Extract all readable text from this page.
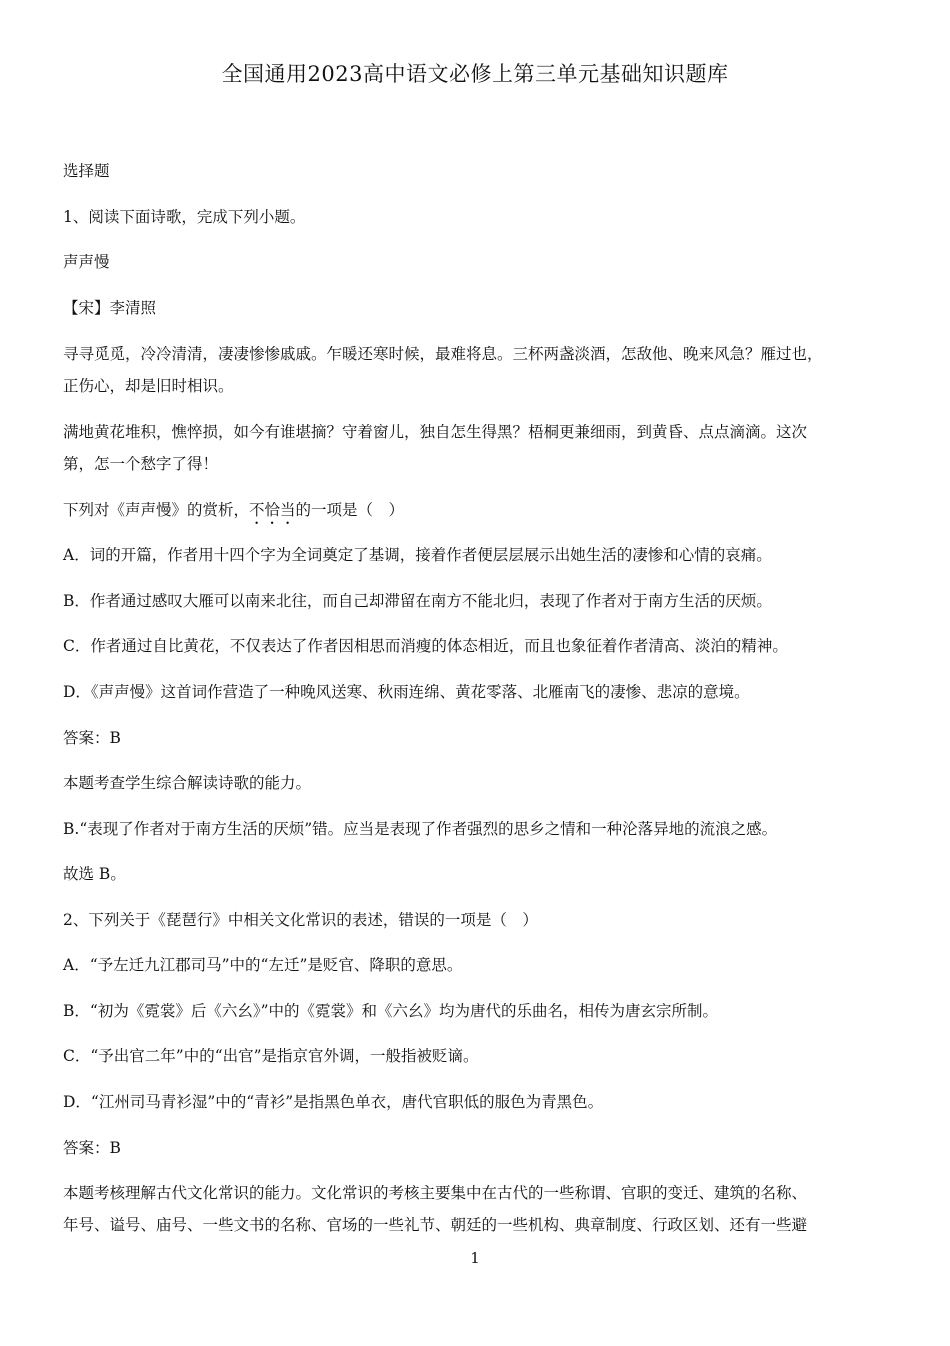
全国通用2023高中语文必修上第三单元基础知识题库
选择题
1、阅读下面诗歌，完成下列小题。
声声慢
【宋】李清照
寻寻觅觅，冷冷清清，凄凄惨惨戚戚。乍暖还寒时候，最难将息。三杯两盏淡酒，怎敌他、晚来风急？雁过也，
正伤心，却是旧时相识。
满地黄花堆积，憔悴损，如今有谁堪摘？守着窗儿，独自怎生得黑？梧桐更兼细雨，到黄昏、点点滴滴。这次
第，怎一个愁字了得！
下列对《声声慢》的赏析，不恰当的一项是（　）
A．词的开篇，作者用十四个字为全词奠定了基调，接着作者便层层展示出她生活的凄惨和心情的哀痛。
B．作者通过感叹大雁可以南来北往，而自己却滞留在南方不能北归，表现了作者对于南方生活的厌烦。
C．作者通过自比黄花，不仅表达了作者因相思而消瘦的体态相近，而且也象征着作者清高、淡泊的精神。
D．《声声慢》这首词作营造了一种晚风送寒、秋雨连绵、黄花零落、北雁南飞的凄惨、悲凉的意境。
答案：B
本题考查学生综合解读诗歌的能力。
B.“表现了作者对于南方生活的厌烦”错。应当是表现了作者强烈的思乡之情和一种沦落异地的流浪之感。
故选 B。
2、下列关于《琵琶行》中相关文化常识的表述，错误的一项是（　）
A．“予左迁九江郡司马”中的“左迁”是贬官、降职的意思。
B．“初为《霓裳》后《六幺》”中的《霓裳》和《六幺》均为唐代的乐曲名，相传为唐玄宗所制。
C．“予出官二年”中的“出官”是指京官外调，一般指被贬谪。
D．“江州司马青衫湿”中的“青衫”是指黑色单衣，唐代官职低的服色为青黑色。
答案：B
本题考核理解古代文化常识的能力。文化常识的考核主要集中在古代的一些称谓、官职的变迁、建筑的名称、
年号、谥号、庙号、一些文书的名称、官场的一些礼节、朝廷的一些机构、典章制度、行政区划、还有一些避
1
